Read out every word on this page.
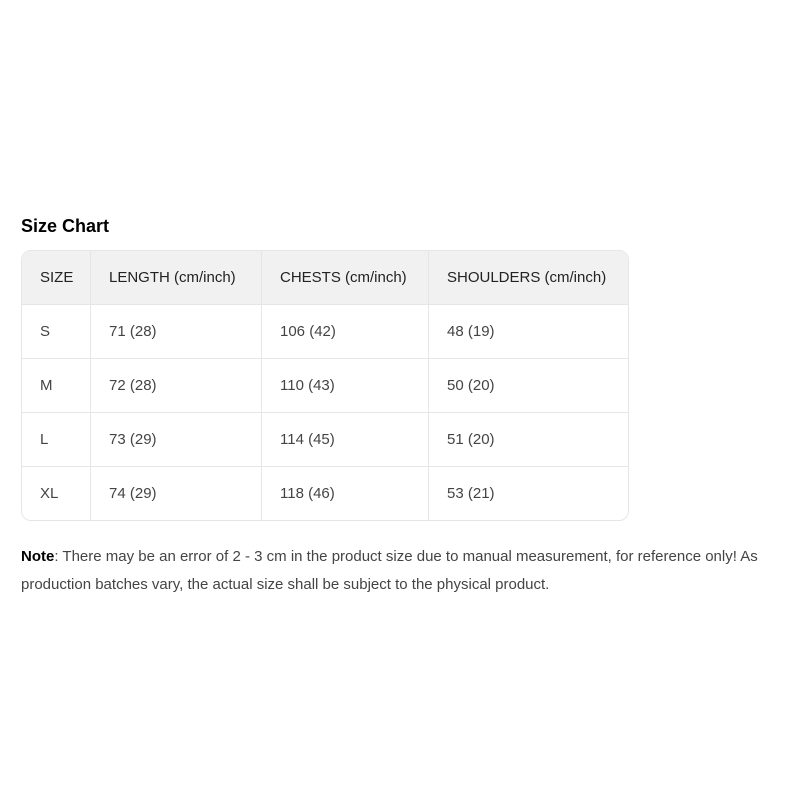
Size Chart
SIZE	LENGTH (cm/inch)	CHESTS (cm/inch)	SHOULDERS (cm/inch)
S	71 (28)	106 (42)	48 (19)
M	72 (28)	110 (43)	50 (20)
L	73 (29)	114 (45)	51 (20)
XL	74 (29)	118 (46)	53 (21)

Note: There may be an error of 2 - 3 cm in the product size due to manual measurement, for reference only! As production batches vary, the actual size shall be subject to the physical product.
